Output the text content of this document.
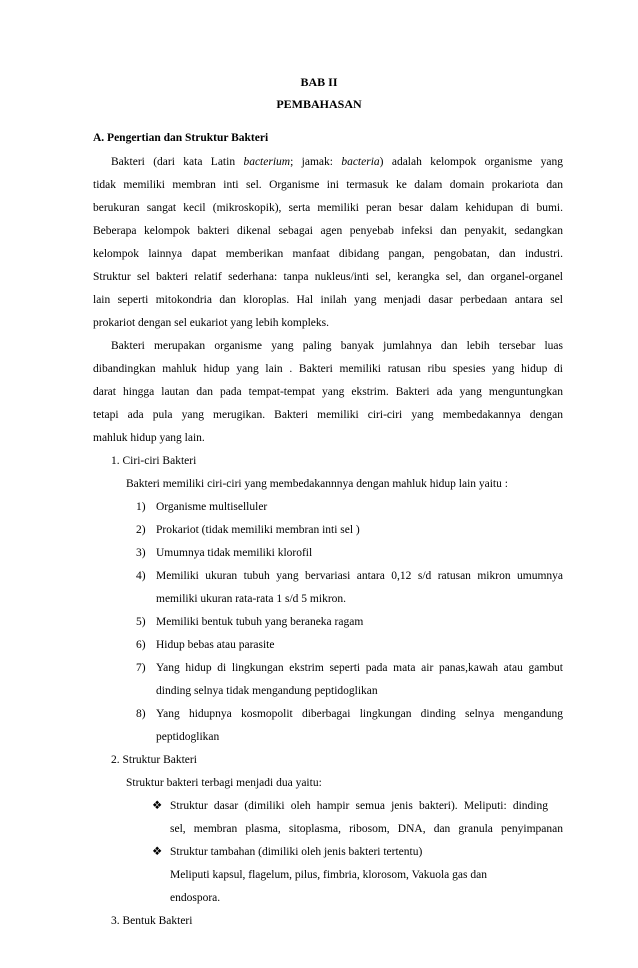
BAB II
PEMBAHASAN
A. Pengertian dan Struktur Bakteri
Bakteri (dari kata Latin bacterium; jamak: bacteria) adalah kelompok organisme yang
tidak memiliki membran inti sel. Organisme ini termasuk ke dalam domain prokariota dan
berukuran sangat kecil (mikroskopik), serta memiliki peran besar dalam kehidupan di bumi.
Beberapa kelompok bakteri dikenal sebagai agen penyebab infeksi dan penyakit, sedangkan
kelompok lainnya dapat memberikan manfaat dibidang pangan, pengobatan, dan industri.
Struktur sel bakteri relatif sederhana: tanpa nukleus/inti sel, kerangka sel, dan organel-organel
lain seperti mitokondria dan kloroplas. Hal inilah yang menjadi dasar perbedaan antara sel
prokariot dengan sel eukariot yang lebih kompleks.
Bakteri merupakan organisme yang paling banyak jumlahnya dan lebih tersebar luas
dibandingkan mahluk hidup yang lain . Bakteri memiliki ratusan ribu spesies yang hidup di
darat hingga lautan dan pada tempat-tempat yang ekstrim. Bakteri ada yang menguntungkan
tetapi ada pula yang merugikan. Bakteri memiliki ciri-ciri yang membedakannya dengan
mahluk hidup yang lain.
1. Ciri-ciri Bakteri
Bakteri memiliki ciri-ciri yang membedakannnya dengan mahluk hidup lain yaitu :
1) Organisme multiselluler
2) Prokariot (tidak memiliki membran inti sel )
3) Umumnya tidak memiliki klorofil
4) Memiliki ukuran tubuh yang bervariasi antara 0,12 s/d ratusan mikron umumnya
memiliki ukuran rata-rata 1 s/d 5 mikron.
5) Memiliki bentuk tubuh yang beraneka ragam
6) Hidup bebas atau parasite
7) Yang hidup di lingkungan ekstrim seperti pada mata air panas,kawah atau gambut
dinding selnya tidak mengandung peptidoglikan
8) Yang hidupnya kosmopolit diberbagai lingkungan dinding selnya mengandung
peptidoglikan
2. Struktur Bakteri
Struktur bakteri terbagi menjadi dua yaitu:
❖ Struktur dasar (dimiliki oleh hampir semua jenis bakteri). Meliputi: dinding
sel, membran plasma, sitoplasma, ribosom, DNA, dan granula penyimpanan
❖ Struktur tambahan (dimiliki oleh jenis bakteri tertentu)
Meliputi kapsul, flagelum, pilus, fimbria, klorosom, Vakuola gas dan
endospora.
3. Bentuk Bakteri
